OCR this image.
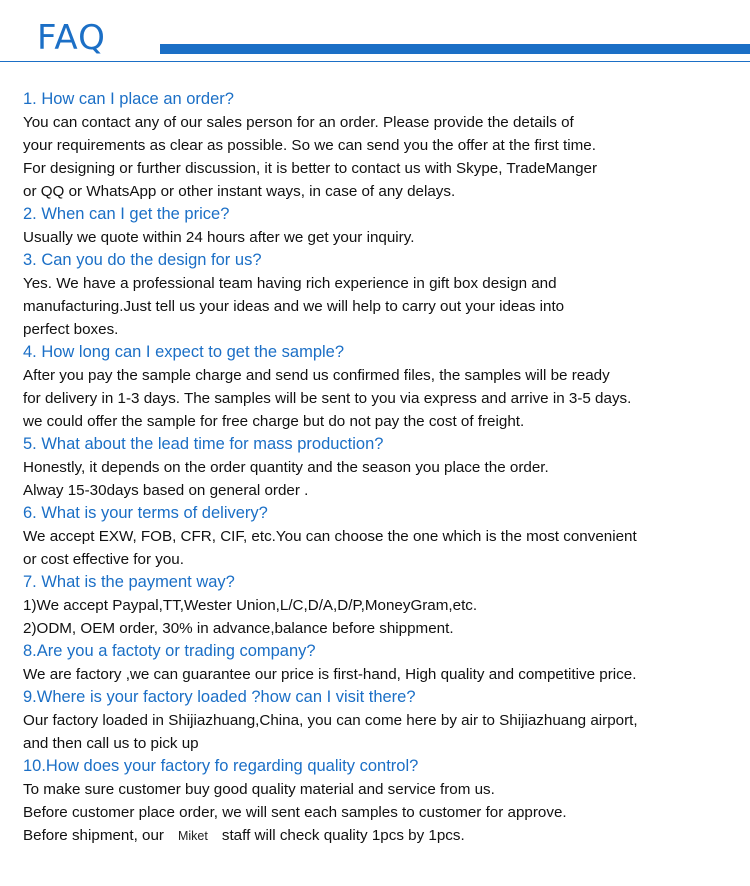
FAQ
1. How can I place an order?

You can contact any of our sales person for an order. Please provide the details of

your requirements as clear as possible. So we can send you the offer at the first time.

For designing or further discussion, it is better to contact us with Skype, TradeManger

or QQ or WhatsApp or other instant ways, in case of any delays.

2. When can I get the price?

Usually we quote within 24 hours after we get your inquiry.

3. Can you do the design for us?

Yes. We have a professional team having rich experience in gift box design and

manufacturing.Just tell us your ideas and we will help to carry out your ideas into

perfect boxes.

4. How long can I expect to get the sample?

After you pay the sample charge and send us confirmed files, the samples will be ready

for delivery in 1-3 days. The samples will be sent to you via express and arrive in 3-5 days.

we could offer the sample for free charge but do not pay the cost of freight.

5. What about the lead time for mass production?

Honestly, it depends on the order quantity and the season you place the order.

Alway 15-30days based on general order .

6. What is your terms of delivery?

We accept EXW, FOB, CFR, CIF, etc.You can choose the one which is the most convenient

or cost effective for you.

7. What is the payment way?

1)We accept Paypal,TT,Wester Union,L/C,D/A,D/P,MoneyGram,etc.

2)ODM, OEM order, 30% in advance,balance before shippment.

8.Are you a factoty or trading company?

We are factory ,we can guarantee our price is first-hand, High quality and competitive price.

9.Where is your factory loaded ?how can I visit there?

Our factory loaded in Shijiazhuang,China, you can come here by air to Shijiazhuang airport,

and then call us to pick up

10.How does your factory fo regarding quality control?

To make sure customer buy good quality material and service from us.

Before customer place order, we will sent each samples to customer for approve.

Before shipment, our Miket staff will check quality 1pcs by 1pcs.
